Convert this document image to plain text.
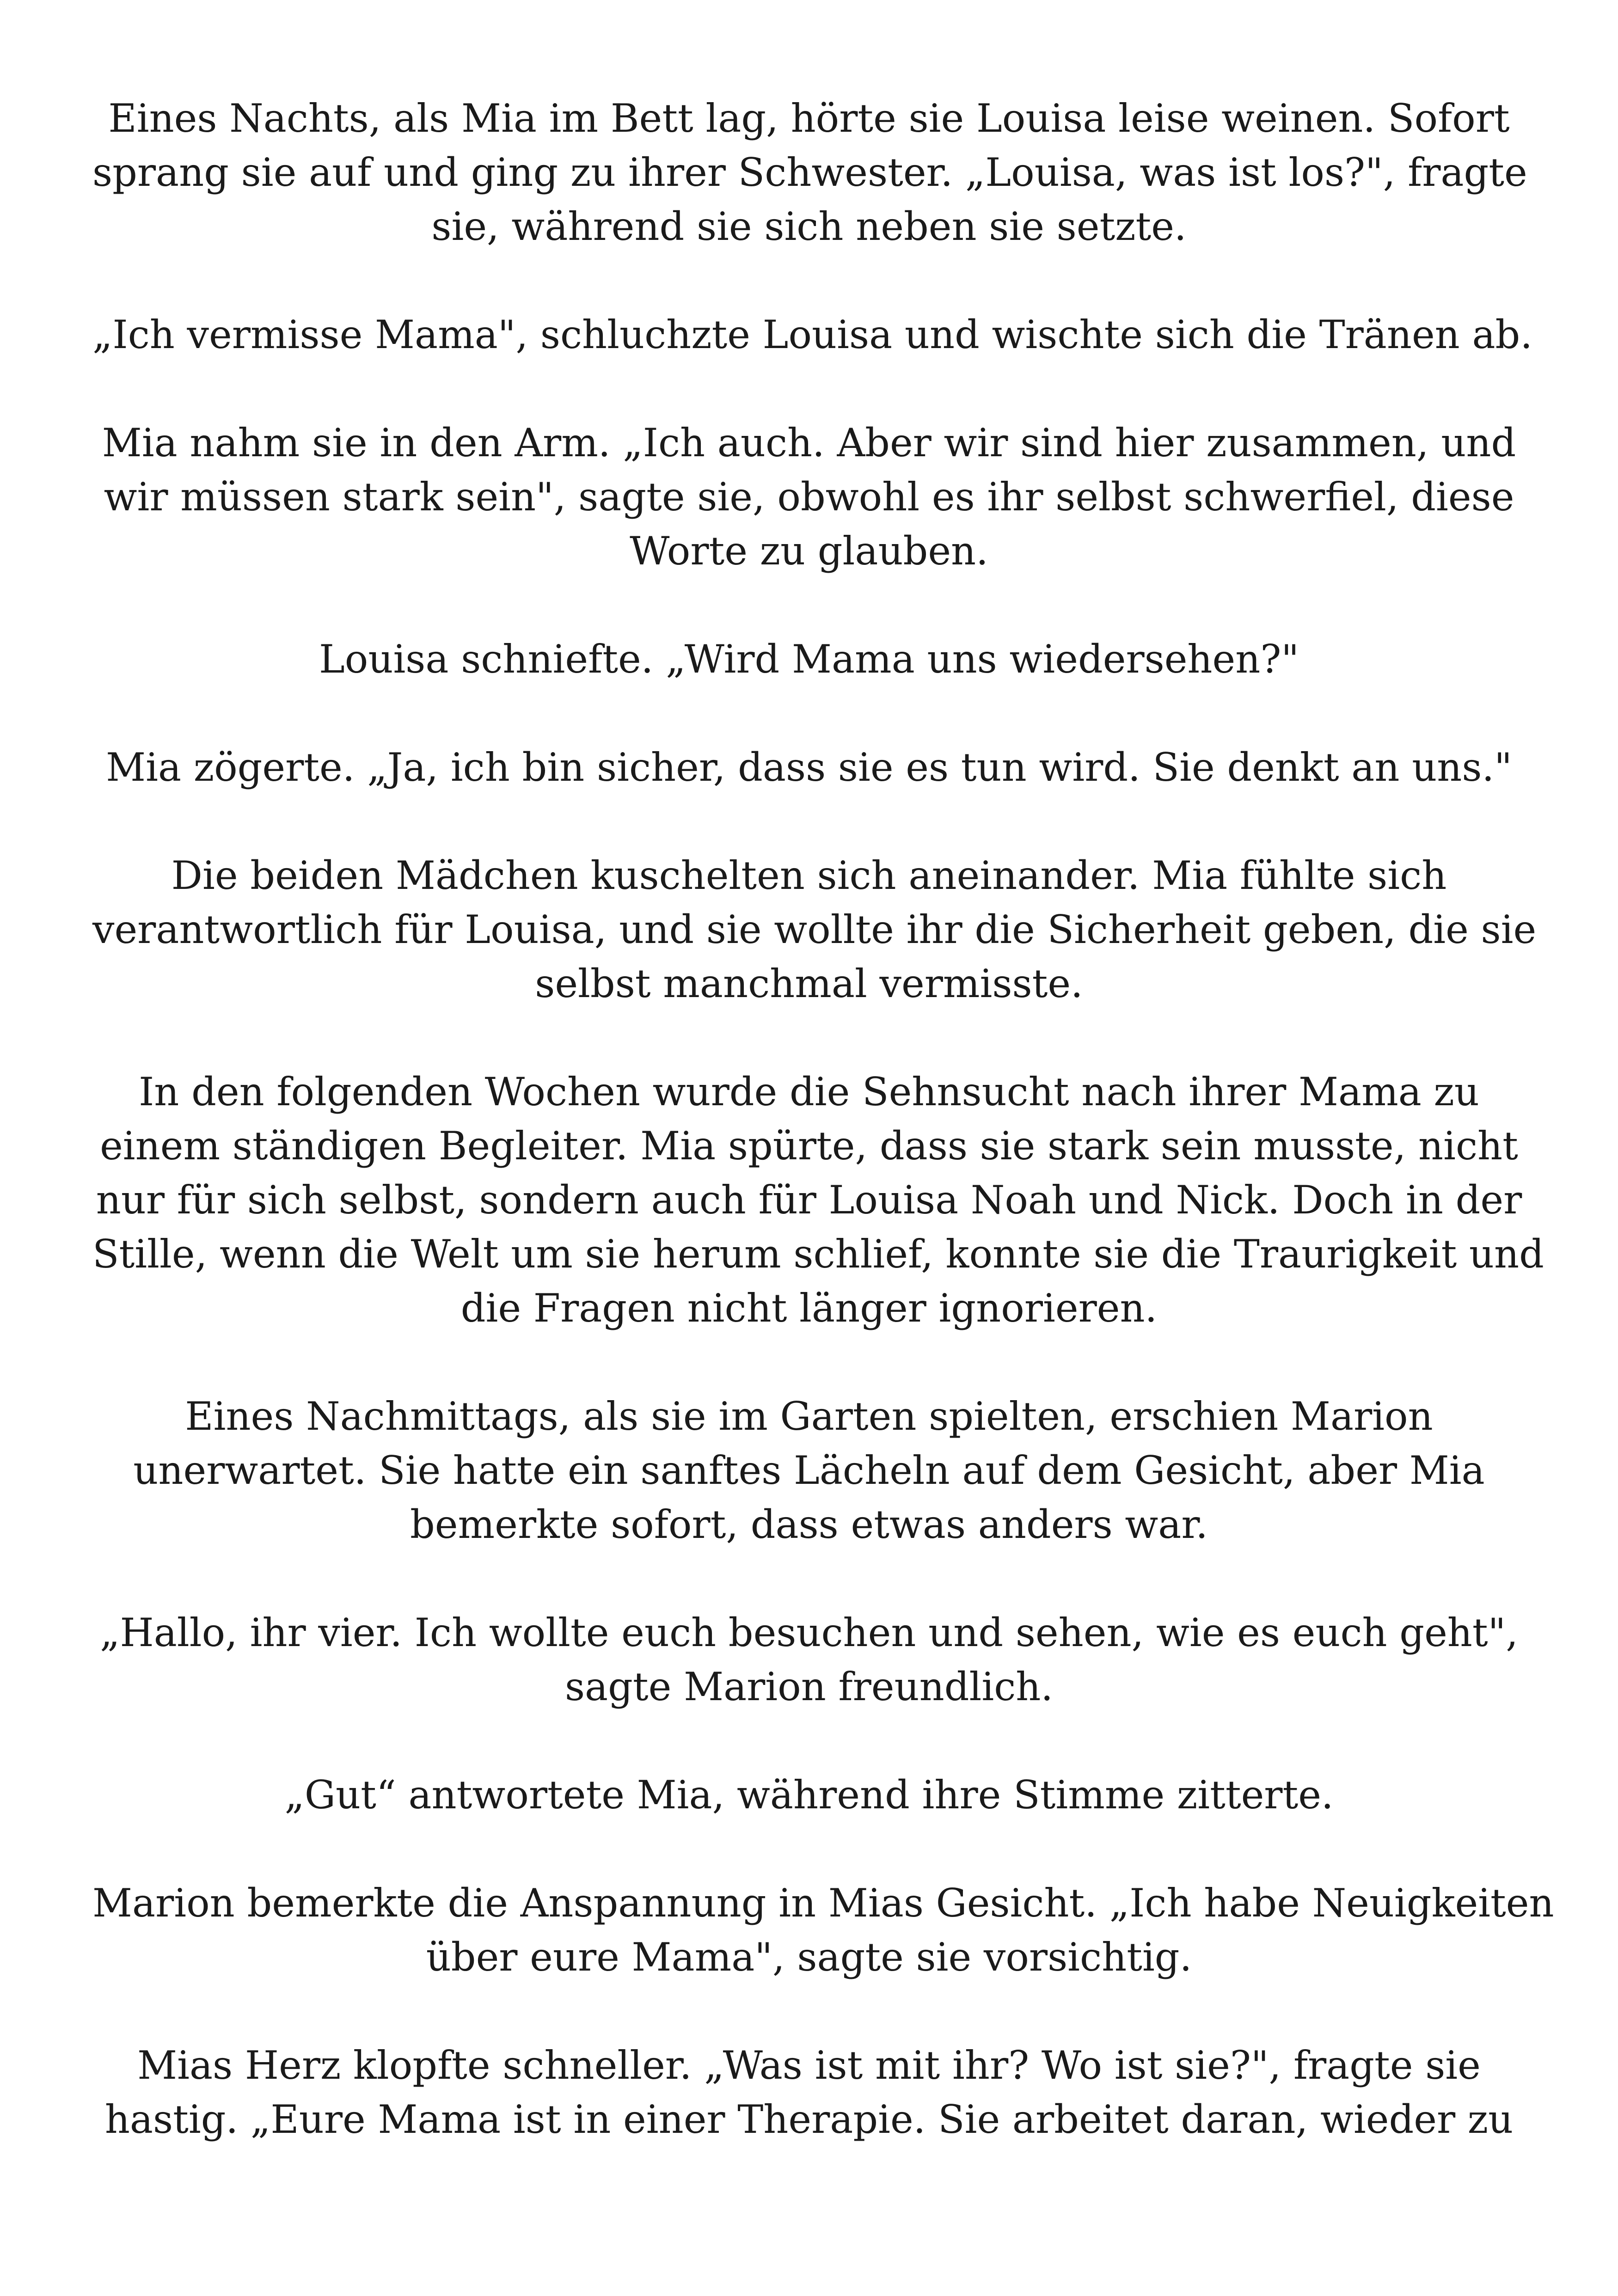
Eines Nachts, als Mia im Bett lag, hörte sie Louisa leise weinen. Sofort
sprang sie auf und ging zu ihrer Schwester. „Louisa, was ist los?", fragte
sie, während sie sich neben sie setzte.

„Ich vermisse Mama", schluchzte Louisa und wischte sich die Tränen ab.

Mia nahm sie in den Arm. „Ich auch. Aber wir sind hier zusammen, und
wir müssen stark sein", sagte sie, obwohl es ihr selbst schwerfiel, diese
Worte zu glauben.

Louisa schniefte. „Wird Mama uns wiedersehen?"

Mia zögerte. „Ja, ich bin sicher, dass sie es tun wird. Sie denkt an uns."

Die beiden Mädchen kuschelten sich aneinander. Mia fühlte sich
verantwortlich für Louisa, und sie wollte ihr die Sicherheit geben, die sie
selbst manchmal vermisste.

In den folgenden Wochen wurde die Sehnsucht nach ihrer Mama zu
einem ständigen Begleiter. Mia spürte, dass sie stark sein musste, nicht
nur für sich selbst, sondern auch für Louisa Noah und Nick. Doch in der
Stille, wenn die Welt um sie herum schlief, konnte sie die Traurigkeit und
die Fragen nicht länger ignorieren.

Eines Nachmittags, als sie im Garten spielten, erschien Marion
unerwartet. Sie hatte ein sanftes Lächeln auf dem Gesicht, aber Mia
bemerkte sofort, dass etwas anders war.

„Hallo, ihr vier. Ich wollte euch besuchen und sehen, wie es euch geht",
sagte Marion freundlich.

„Gut“ antwortete Mia, während ihre Stimme zitterte.

Marion bemerkte die Anspannung in Mias Gesicht. „Ich habe Neuigkeiten
über eure Mama", sagte sie vorsichtig.

Mias Herz klopfte schneller. „Was ist mit ihr? Wo ist sie?", fragte sie
hastig. „Eure Mama ist in einer Therapie. Sie arbeitet daran, wieder zu
